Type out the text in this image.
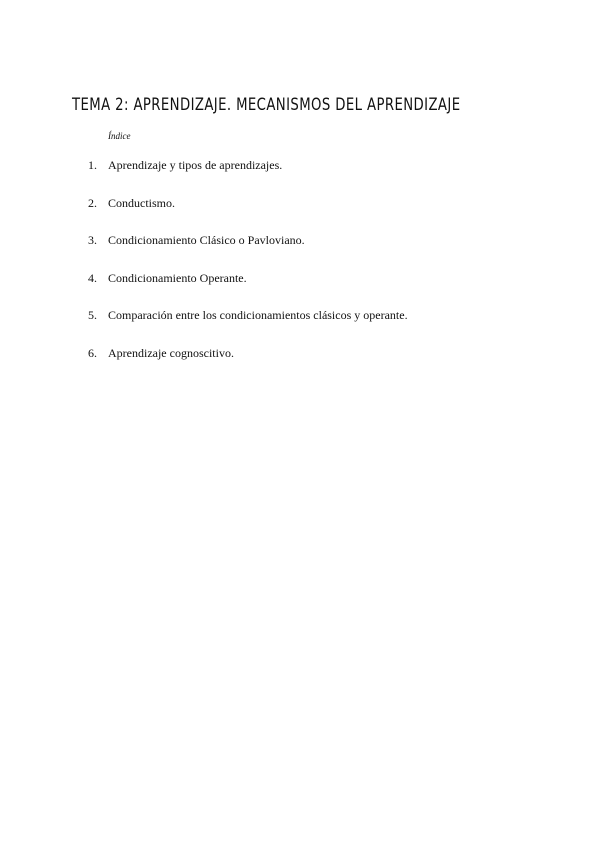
TEMA 2: APRENDIZAJE. MECANISMOS DEL APRENDIZAJE
Índice
1. Aprendizaje y tipos de aprendizajes.
2. Conductismo.
3. Condicionamiento Clásico o Pavloviano.
4. Condicionamiento Operante.
5. Comparación entre los condicionamientos clásicos y operante.
6. Aprendizaje cognoscitivo.
